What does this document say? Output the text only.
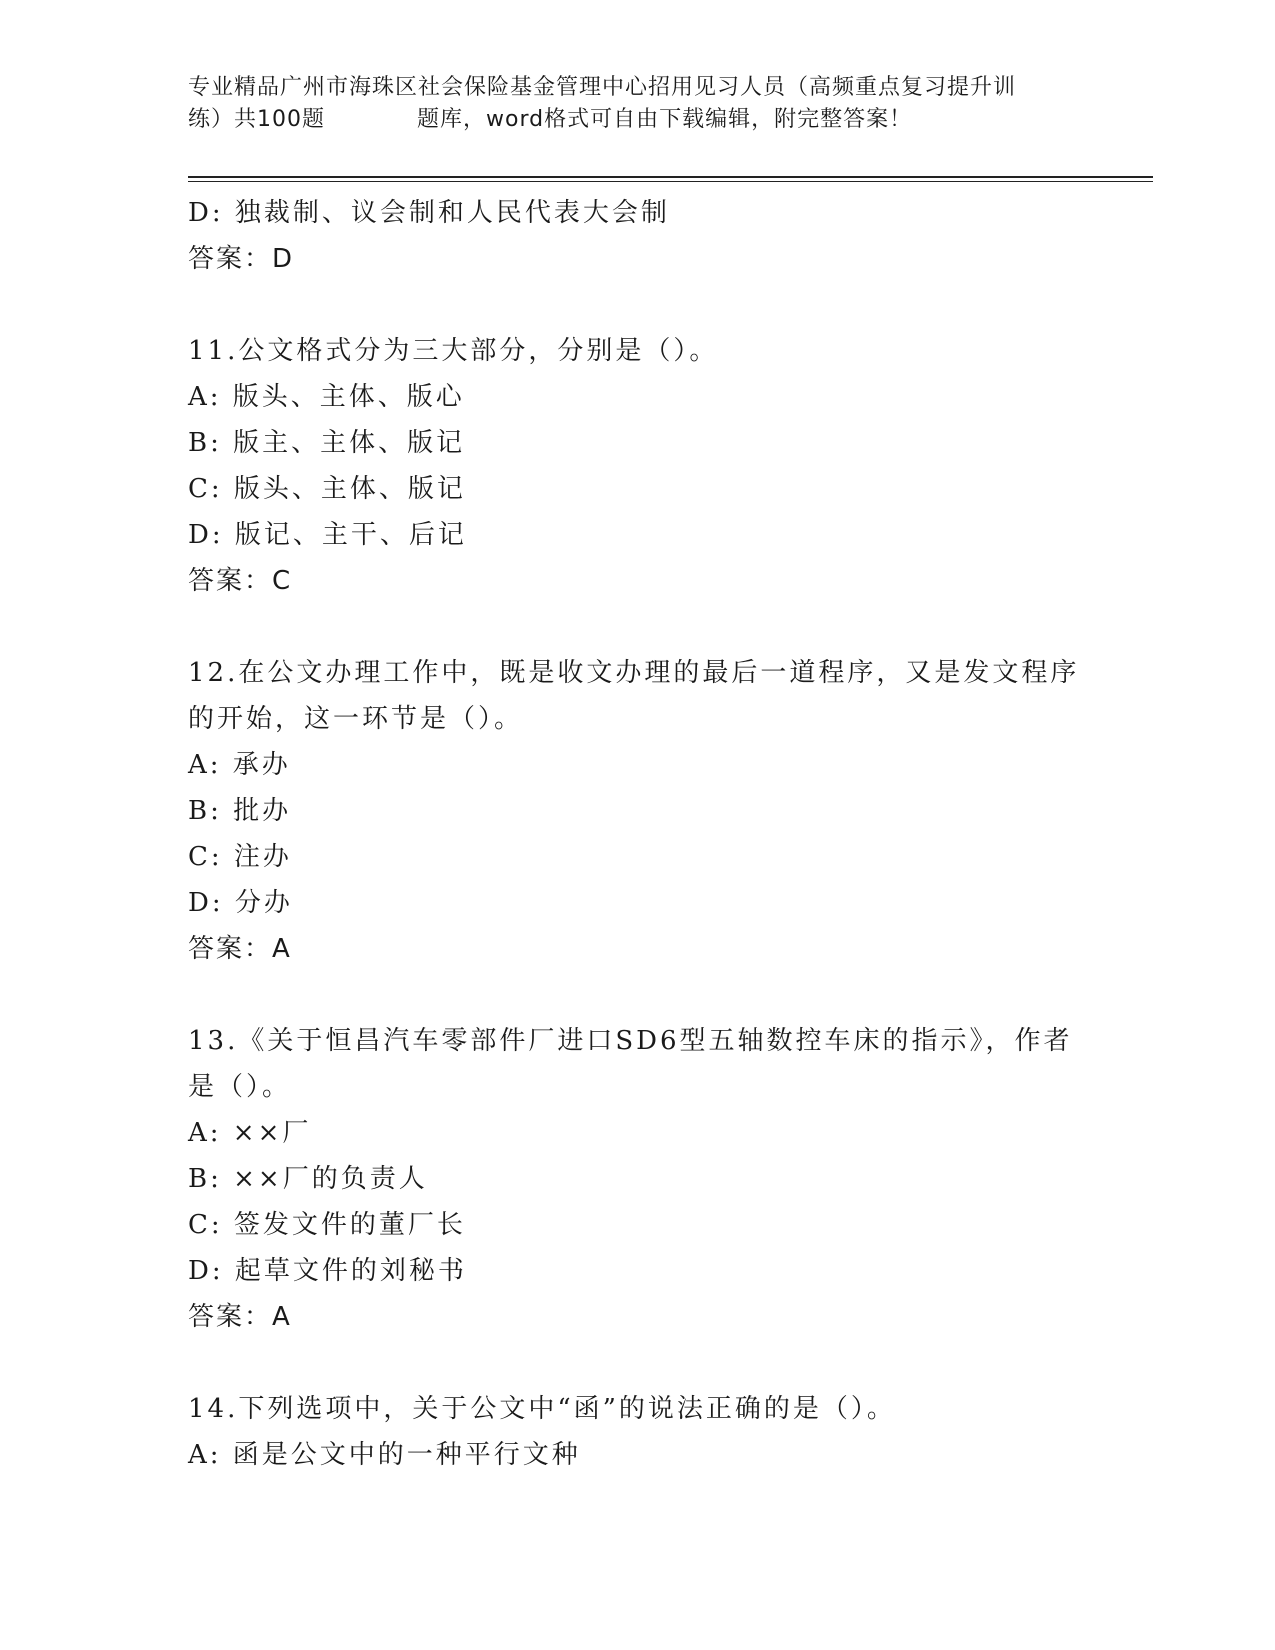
专业精品广州市海珠区社会保险基金管理中心招用见习人员（高频重点复习提升训
练）共100题　　　　题库，word格式可自由下载编辑，附完整答案！
D: 独裁制、议会制和人民代表大会制
答案：D
11.公文格式分为三大部分，分别是（）。
A: 版头、主体、版心
B: 版主、主体、版记
C: 版头、主体、版记
D: 版记、主干、后记
答案：C
12.在公文办理工作中，既是收文办理的最后一道程序，又是发文程序
的开始，这一环节是（）。
A: 承办
B: 批办
C: 注办
D: 分办
答案：A
13.《关于恒昌汽车零部件厂进口SD6型五轴数控车床的指示》，作者
是（）。
A: ××厂
B: ××厂的负责人
C: 签发文件的董厂长
D: 起草文件的刘秘书
答案：A
14.下列选项中，关于公文中“函”的说法正确的是（）。
A: 函是公文中的一种平行文种
